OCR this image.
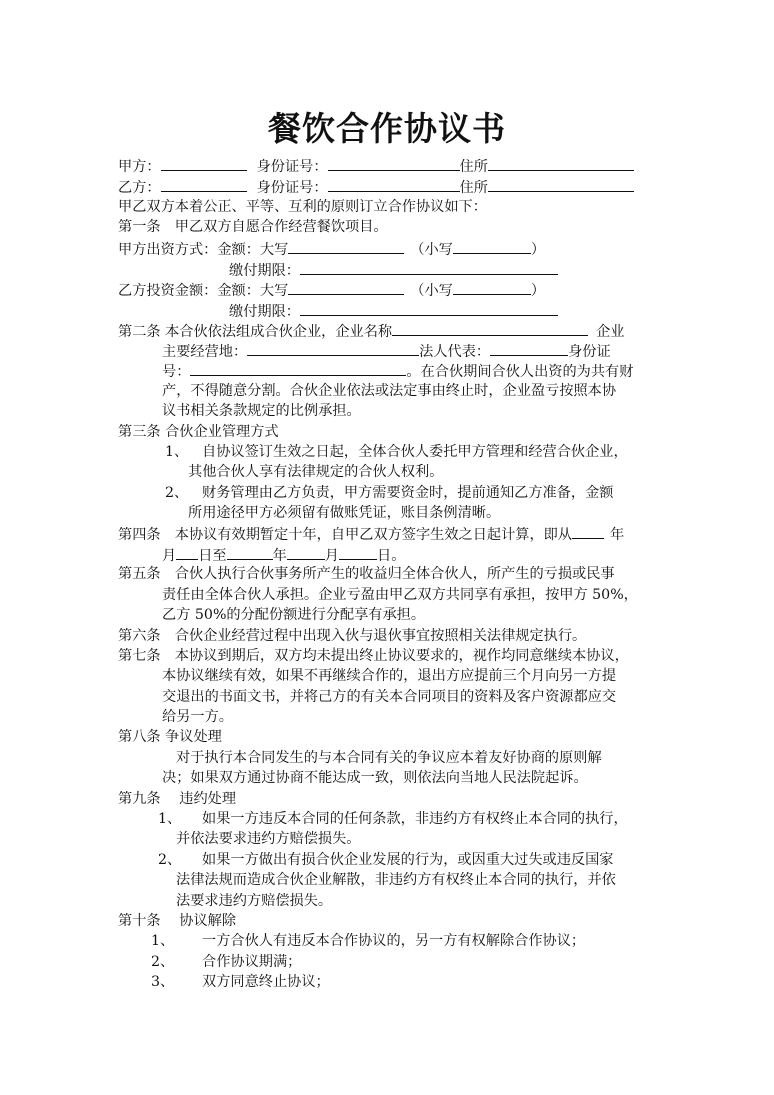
餐饮合作协议书
甲方：	身份证号：	住所
乙方：	身份证号：	住所
甲乙双方本着公正、平等、互利的原则订立合作协议如下：
第一条　甲乙双方自愿合作经营餐饮项目。
甲方出资方式：金额：大写	（小写	）
缴付期限：
乙方投资金额：金额：大写	（小写	）
缴付期限：
第二条 本合伙依法组成合伙企业，企业名称	企业
主要经营地：	法人代表：	身份证
号：	。在合伙期间合伙人出资的为共有财
产，不得随意分割。合伙企业依法或法定事由终止时，企业盈亏按照本协
议书相关条款规定的比例承担。
第三条 合伙企业管理方式
1、 自协议签订生效之日起，全体合伙人委托甲方管理和经营合伙企业，
其他合伙人享有法律规定的合伙人权利。
2、 财务管理由乙方负责，甲方需要资金时，提前通知乙方准备，金额
所用途径甲方必须留有做账凭证，账目条例清晰。
第四条　本协议有效期暂定十年，自甲乙双方签字生效之日起计算，即从	年
月 日至	年	月	日。
第五条　合伙人执行合伙事务所产生的收益归全体合伙人，所产生的亏损或民事
责任由全体合伙人承担。企业亏盈由甲乙双方共同享有承担，按甲方 50%，
乙方 50%的分配份额进行分配享有承担。
第六条　合伙企业经营过程中出现入伙与退伙事宜按照相关法律规定执行。
第七条　本协议到期后，双方均未提出终止协议要求的，视作均同意继续本协议，
本协议继续有效，如果不再继续合作的，退出方应提前三个月向另一方提
交退出的书面文书，并将己方的有关本合同项目的资料及客户资源都应交
给另一方。
第八条 争议处理
对于执行本合同发生的与本合同有关的争议应本着友好协商的原则解
决；如果双方通过协商不能达成一致，则依法向当地人民法院起诉。
第九条　 违约处理
1、 如果一方违反本合同的任何条款，非违约方有权终止本合同的执行，
并依法要求违约方赔偿损失。
2、 如果一方做出有损合伙企业发展的行为，或因重大过失或违反国家
法律法规而造成合伙企业解散，非违约方有权终止本合同的执行，并依
法要求违约方赔偿损失。
第十条　 协议解除
1、 一方合伙人有违反本合作协议的，另一方有权解除合作协议；
2、 合作协议期满；
3、 双方同意终止协议；
